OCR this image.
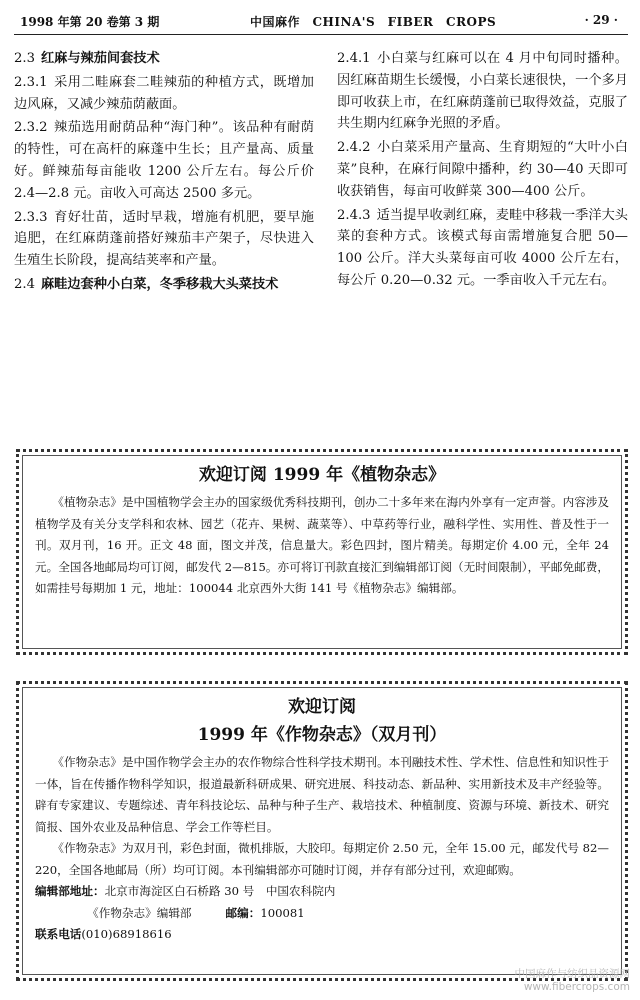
1998 年第 20 卷第 3 期	中国麻作　CHINA'S　FIBER　CROPS	· 29 ·

2.3 红麻与辣茄间套技术

2.3.1 采用二畦麻套二畦辣茄的种植方式，既增加边风麻，又减少辣茄荫蔽面。

2.3.2 辣茄选用耐荫品种“海门种”。该品种有耐荫的特性，可在高杆的麻蓬中生长；且产量高、质量好。鲜辣茄每亩能收 1200 公斤左右。每公斤价 2.4—2.8 元。亩收入可高达 2500 多元。

2.3.3 育好壮苗，适时早栽，增施有机肥，要早施追肥，在红麻荫蓬前搭好辣茄丰产架子，尽快进入生殖生长阶段，提高结荚率和产量。

2.4 麻畦边套种小白菜，冬季移栽大头菜技术

2.4.1 小白菜与红麻可以在 4 月中旬同时播种。因红麻苗期生长缓慢，小白菜长速很快，一个多月即可收获上市，在红麻荫蓬前已取得效益，克服了共生期内红麻争光照的矛盾。

2.4.2 小白菜采用产量高、生育期短的“大叶小白菜”良种，在麻行间隙中播种，约 30—40 天即可收获销售，每亩可收鲜菜 300—400 公斤。

2.4.3 适当提早收剥红麻，麦畦中移栽一季洋大头菜的套种方式。该模式每亩需增施复合肥 50—100 公斤。洋大头菜每亩可收 4000 公斤左右，每公斤 0.20—0.32 元。一季亩收入千元左右。

欢迎订阅 1999 年《植物杂志》

《植物杂志》是中国植物学会主办的国家级优秀科技期刊，创办二十多年来在海内外享有一定声誉。内容涉及植物学及有关分支学科和农林、园艺（花卉、果树、蔬菜等）、中草药等行业，融科学性、实用性、普及性于一刊。双月刊，16 开。正文 48 面，图文并茂，信息量大。彩色四封，图片精美。每期定价 4.00 元，全年 24 元。全国各地邮局均可订阅，邮发代 2—815。亦可将订刊款直接汇到编辑部订阅（无时间限制），平邮免邮费，如需挂号每期加 1 元，地址：100044 北京西外大街 141 号《植物杂志》编辑部。

欢迎订阅
1999 年《作物杂志》（双月刊）

《作物杂志》是中国作物学会主办的农作物综合性科学技术期刊。本刊融技术性、学术性、信息性和知识性于一体，旨在传播作物科学知识，报道最新科研成果、研究进展、科技动态、新品种、实用新技术及丰产经验等。辟有专家建议、专题综述、青年科技论坛、品种与种子生产、栽培技术、种植制度、资源与环境、新技术、研究简报、国外农业及品种信息、学会工作等栏目。

《作物杂志》为双月刊，彩色封面，微机排版，大胶印。每期定价 2.50 元，全年 15.00 元，邮发代号 82—220，全国各地邮局（所）均可订阅。本刊编辑部亦可随时订阅，并存有部分过刊，欢迎邮购。

编辑部地址：北京市海淀区白石桥路 30 号　中国农科院内

　　　　　《作物杂志》编辑部	邮编：100081

联系电话(010)68918616

中国麻作与纺织品资源网
www.fibercrops.com
